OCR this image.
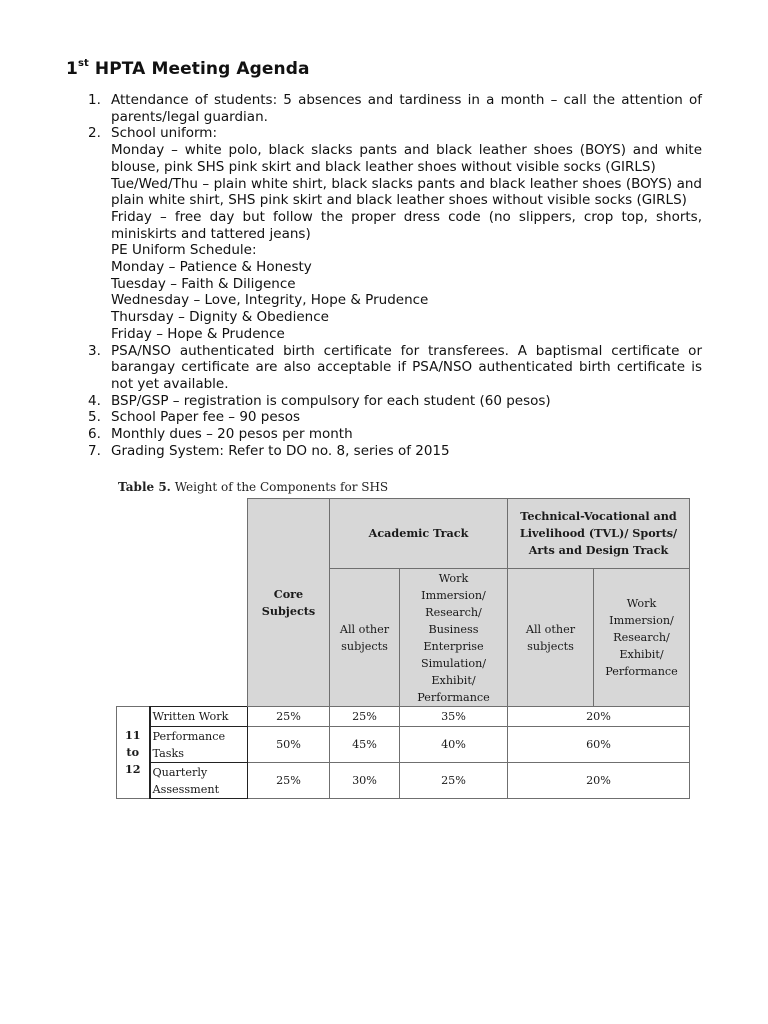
1st HPTA Meeting Agenda
1. Attendance of students: 5 absences and tardiness in a month – call the attention of parents/legal guardian.
2. School uniform:
Monday – white polo, black slacks pants and black leather shoes (BOYS) and white blouse, pink SHS pink skirt and black leather shoes without visible socks (GIRLS)
Tue/Wed/Thu – plain white shirt, black slacks pants and black leather shoes (BOYS) and plain white shirt, SHS pink skirt and black leather shoes without visible socks (GIRLS)
Friday – free day but follow the proper dress code (no slippers, crop top, shorts, miniskirts and tattered jeans)
PE Uniform Schedule:
Monday – Patience & Honesty
Tuesday – Faith & Diligence
Wednesday – Love, Integrity, Hope & Prudence
Thursday – Dignity & Obedience
Friday – Hope & Prudence
3. PSA/NSO authenticated birth certificate for transferees. A baptismal certificate or barangay certificate are also acceptable if PSA/NSO authenticated birth certificate is not yet available.
4. BSP/GSP – registration is compulsory for each student (60 pesos)
5. School Paper fee – 90 pesos
6. Monthly dues – 20 pesos per month
7. Grading System: Refer to DO no. 8, series of 2015
Table 5. Weight of the Components for SHS
		Core Subjects	Academic Track		Technical-Vocational and Livelihood (TVL)/ Sports/ Arts and Design Track	
			All other subjects	Work Immersion/ Research/ Business Enterprise Simulation/ Exhibit/ Performance	All other subjects	Work Immersion/ Research/ Exhibit/ Performance
11 to 12	Written Work	25%	25%	35%	20%	
	Performance Tasks	50%	45%	40%	60%	
	Quarterly Assessment	25%	30%	25%	20%	
